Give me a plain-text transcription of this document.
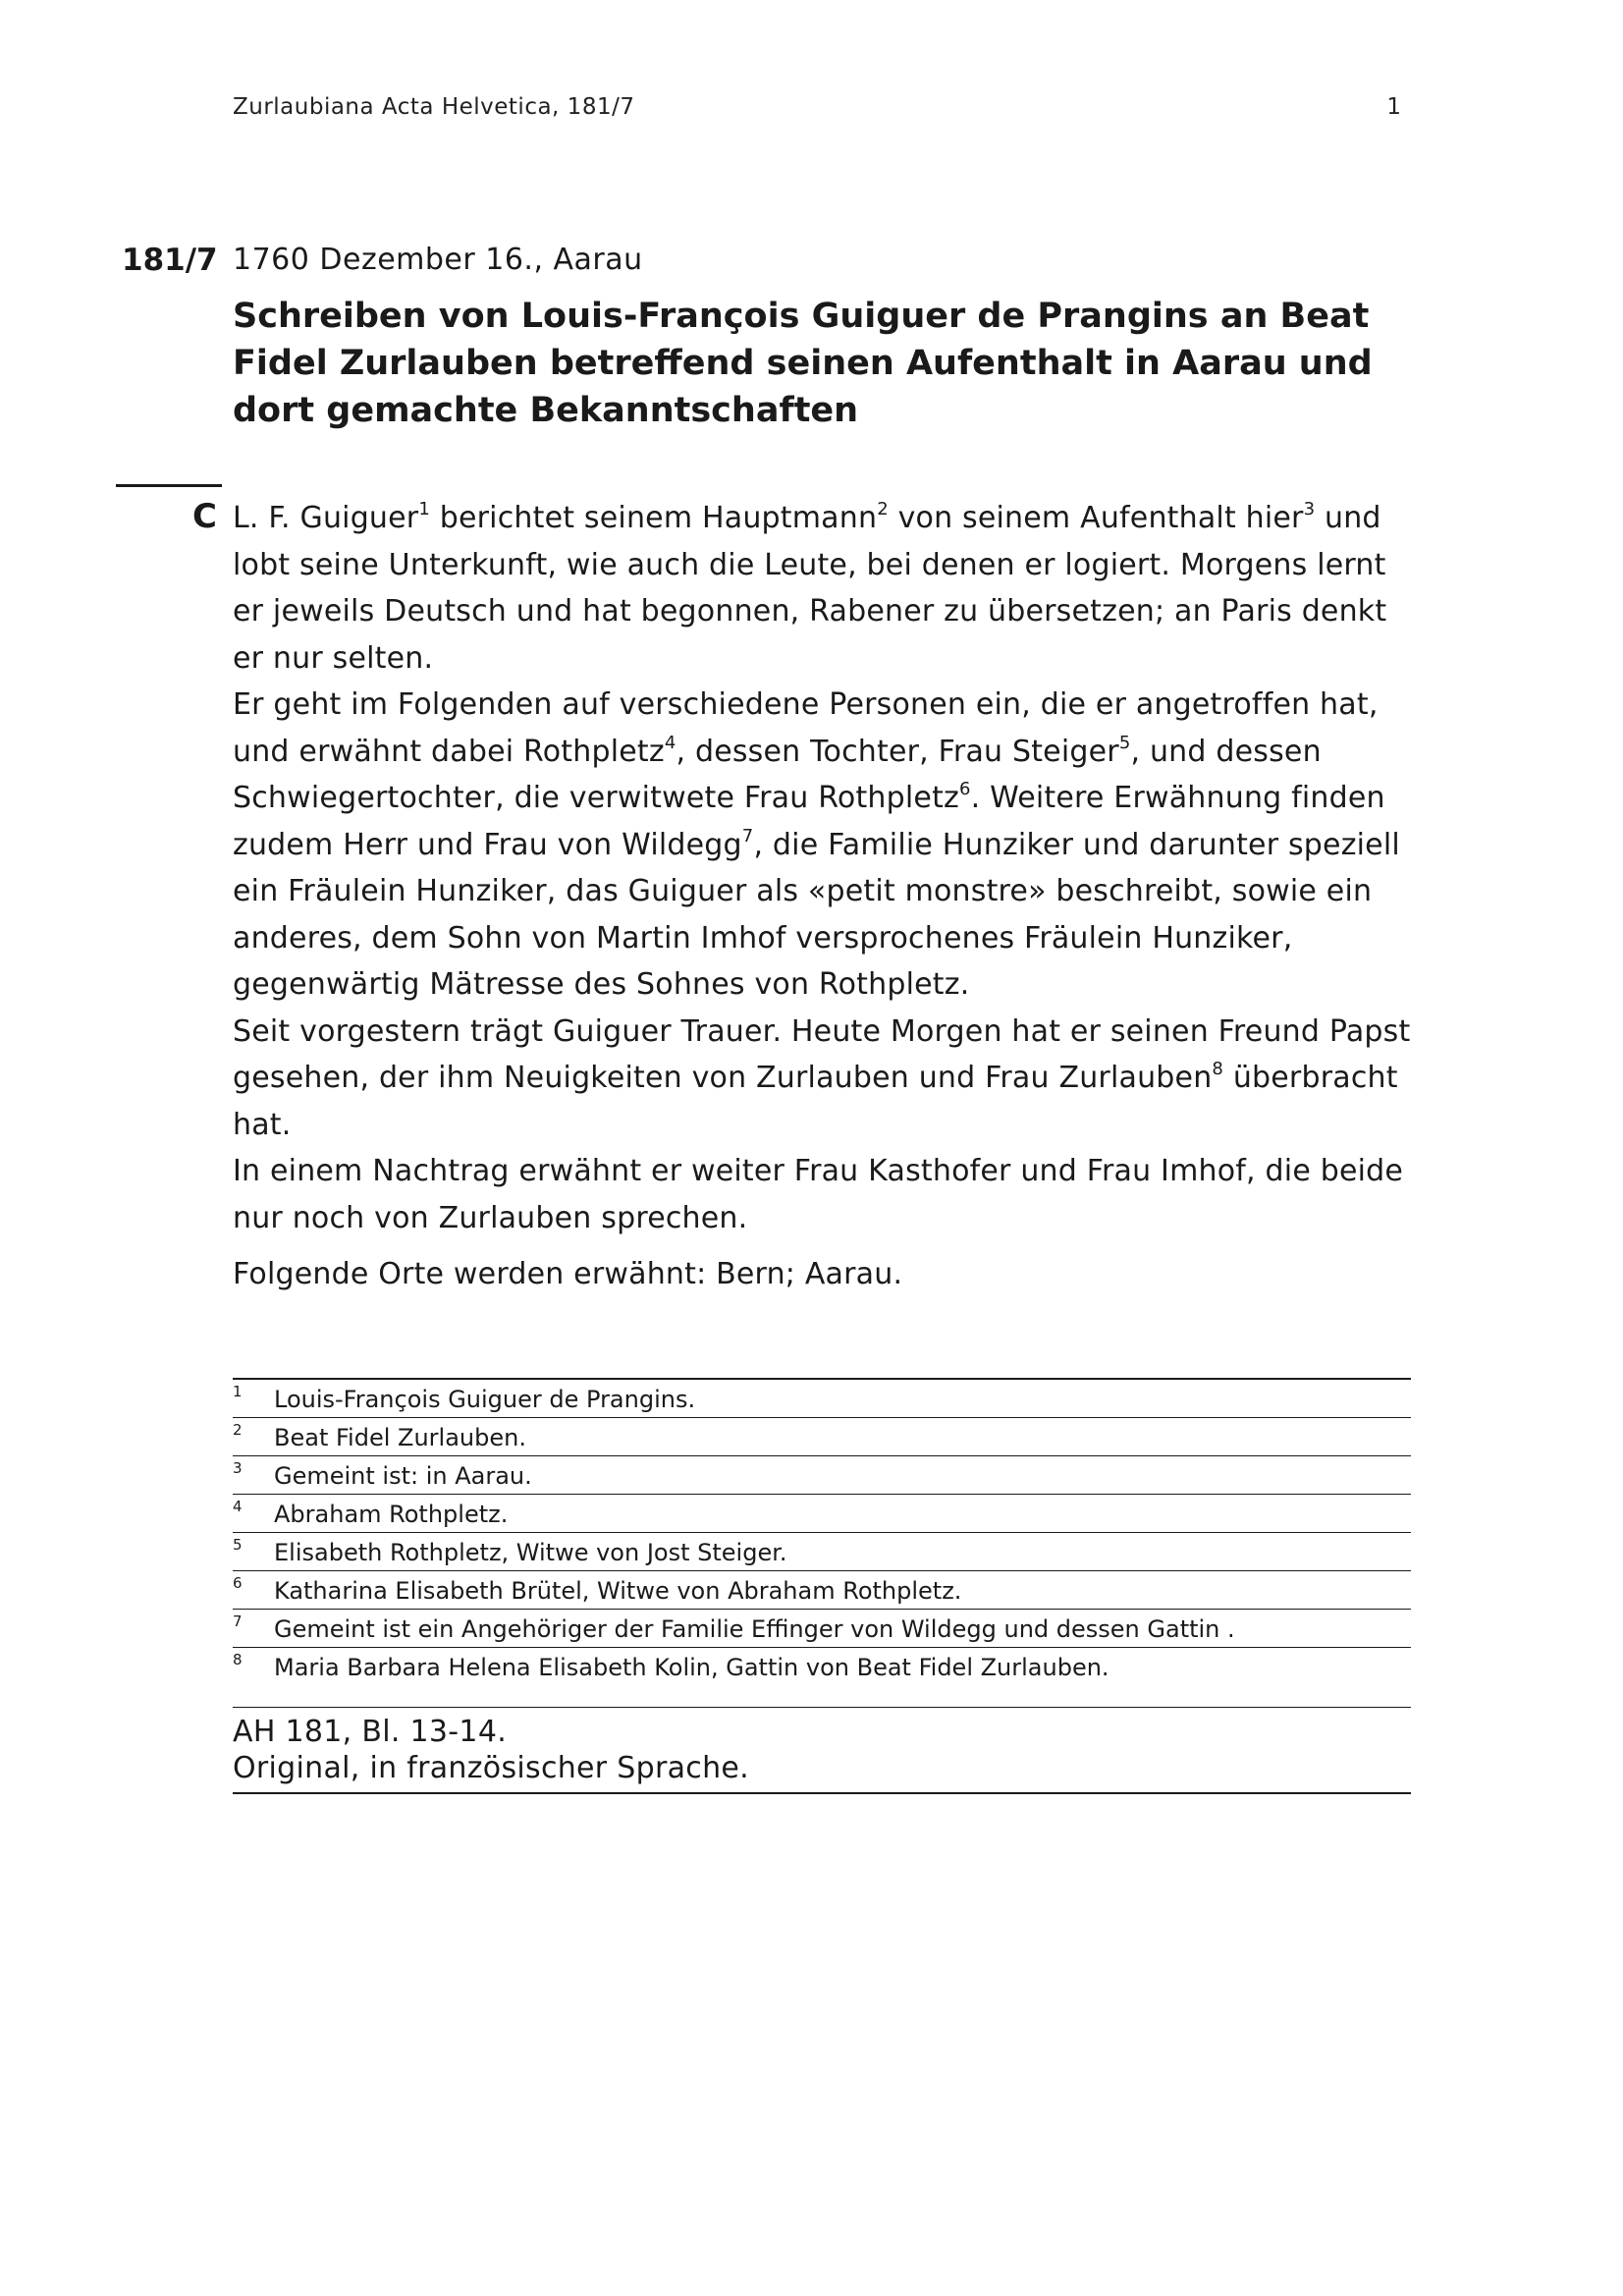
Zurlaubiana Acta Helvetica, 181/7	1
181/7 1760 Dezember 16., Aarau
Schreiben von Louis-François Guiguer de Prangins an Beat Fidel Zurlauben betreffend seinen Aufenthalt in Aarau und dort gemachte Bekanntschaften
C L. F. Guiguer$^1$ berichtet seinem Hauptmann$^2$ von seinem Aufenthalt hier$^3$ und lobt seine Unterkunft, wie auch die Leute, bei denen er logiert. Morgens lernt er jeweils Deutsch und hat begonnen, Rabener zu übersetzen; an Paris denkt er nur selten.

Er geht im Folgenden auf verschiedene Personen ein, die er angetroffen hat, und erwähnt dabei Rothpletz$^4$, dessen Tochter, Frau Steiger$^5$, und dessen Schwiegertochter, die verwitwete Frau Rothpletz$^6$. Weitere Erwähnung finden zudem Herr und Frau von Wildegg$^7$, die Familie Hunziker und darunter speziell ein Fräulein Hunziker, das Guiguer als «petit monstre» beschreibt, sowie ein anderes, dem Sohn von Martin Imhof versprochenes Fräulein Hunziker, gegenwärtig Mätresse des Sohnes von Rothpletz.

Seit vorgestern trägt Guiguer Trauer. Heute Morgen hat er seinen Freund Papst gesehen, der ihm Neuigkeiten von Zurlauben und Frau Zurlauben$^8$ überbracht hat.

In einem Nachtrag erwähnt er weiter Frau Kasthofer und Frau Imhof, die beide nur noch von Zurlauben sprechen.

Folgende Orte werden erwähnt: Bern; Aarau.
1 Louis-François Guiguer de Prangins.
2 Beat Fidel Zurlauben.
3 Gemeint ist: in Aarau.
4 Abraham Rothpletz.
5 Elisabeth Rothpletz, Witwe von Jost Steiger.
6 Katharina Elisabeth Brütel, Witwe von Abraham Rothpletz.
7 Gemeint ist ein Angehöriger der Familie Effinger von Wildegg und dessen Gattin .
8 Maria Barbara Helena Elisabeth Kolin, Gattin von Beat Fidel Zurlauben.
AH 181, Bl. 13-14.
Original, in französischer Sprache.
